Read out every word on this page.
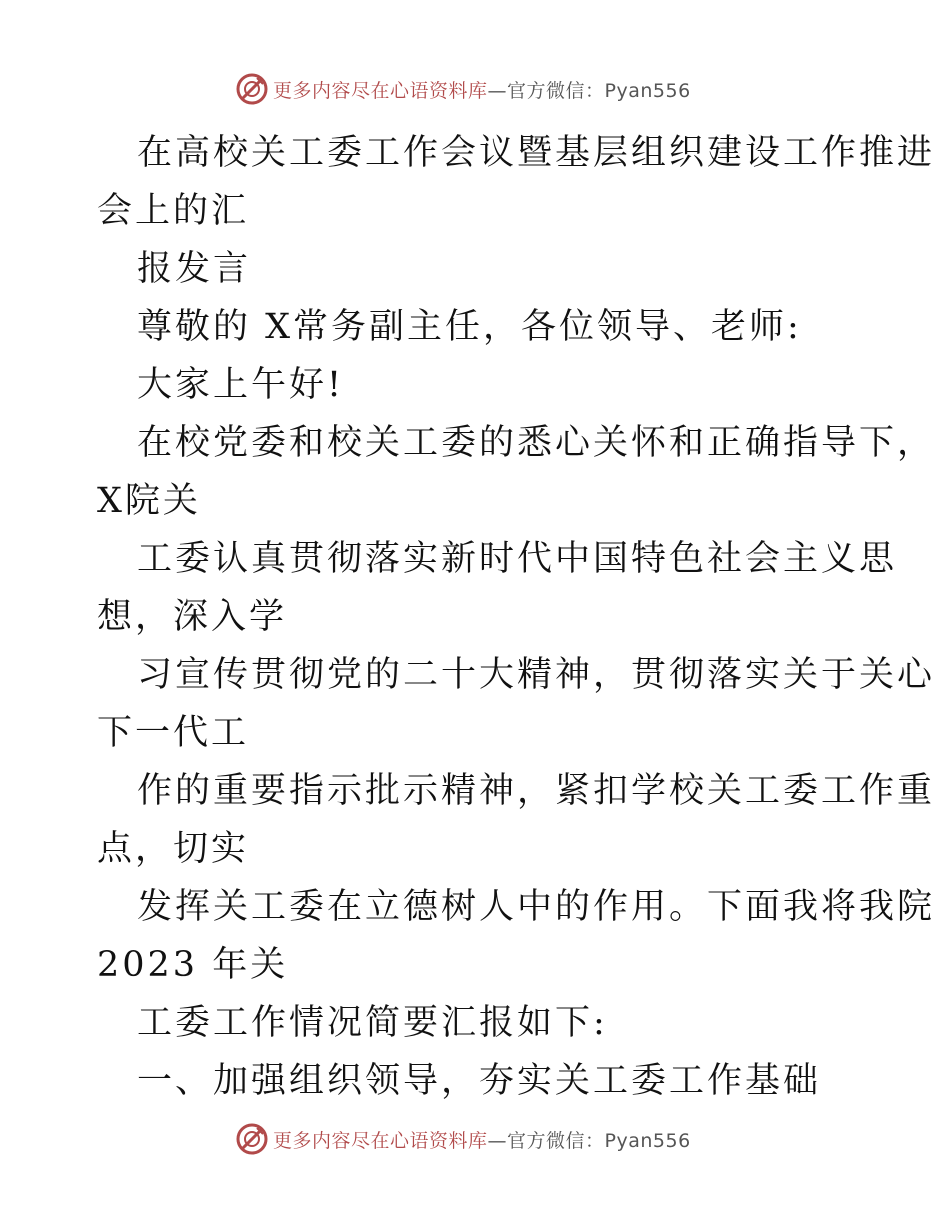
更多内容尽在心语资料库—官方微信：Pyan556
在高校关工委工作会议暨基层组织建设工作推进
会上的汇
报发言
尊敬的 X常务副主任，各位领导、老师:
大家上午好!
在校党委和校关工委的悉心关怀和正确指导下，
X院关
工委认真贯彻落实新时代中国特色社会主义思
想，深入学
习宣传贯彻党的二十大精神，贯彻落实关于关心
下一代工
作的重要指示批示精神，紧扣学校关工委工作重
点，切实
发挥关工委在立德树人中的作用。下面我将我院
2023 年关
工委工作情况简要汇报如下:
一、加强组织领导，夯实关工委工作基础
更多内容尽在心语资料库—官方微信：Pyan556
